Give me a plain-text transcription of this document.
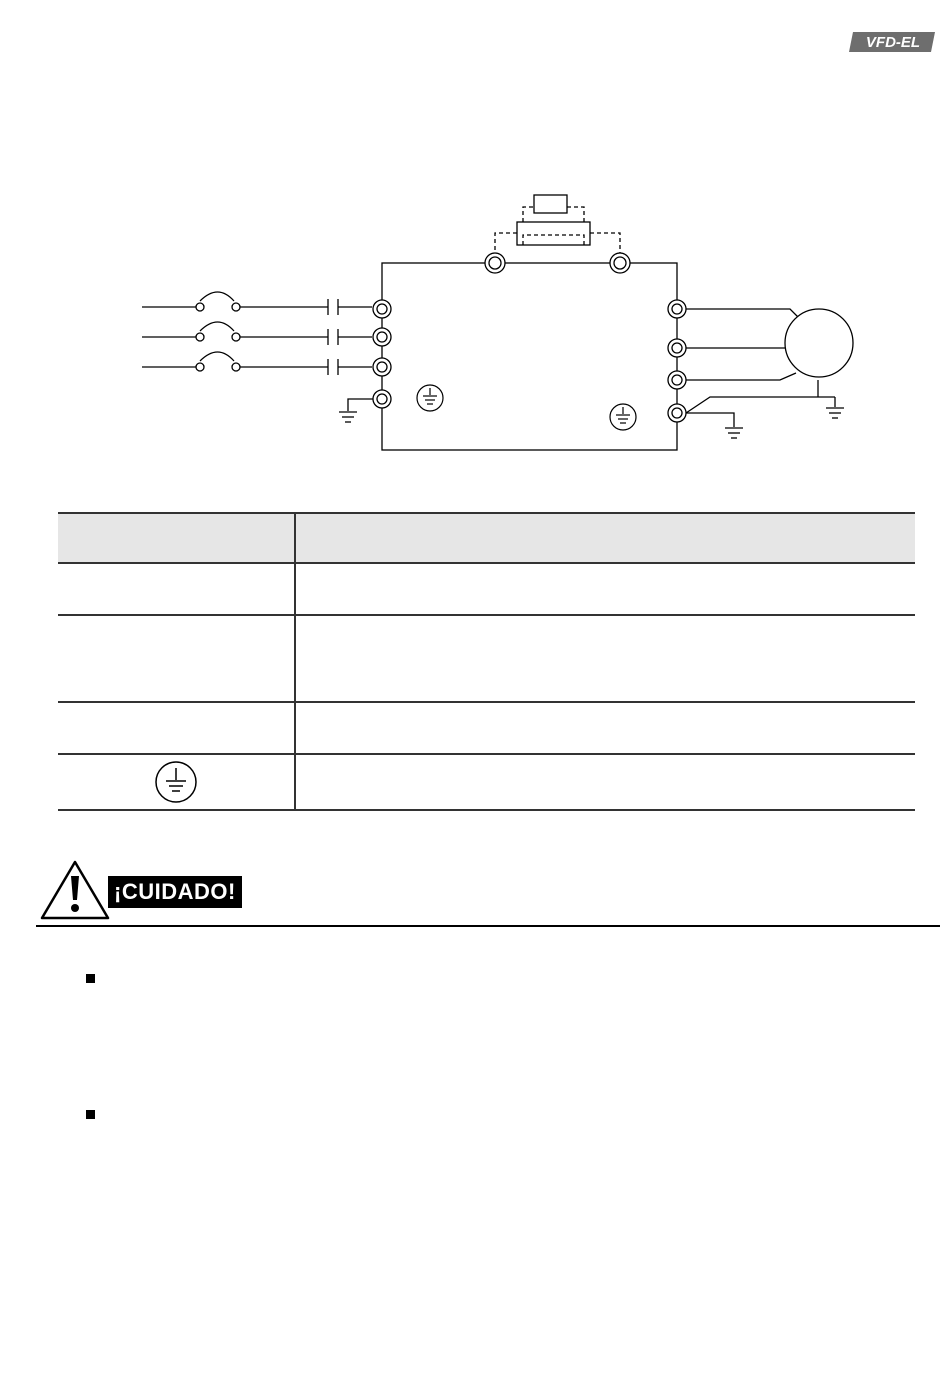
VFD-EL

¡CUIDADO!
